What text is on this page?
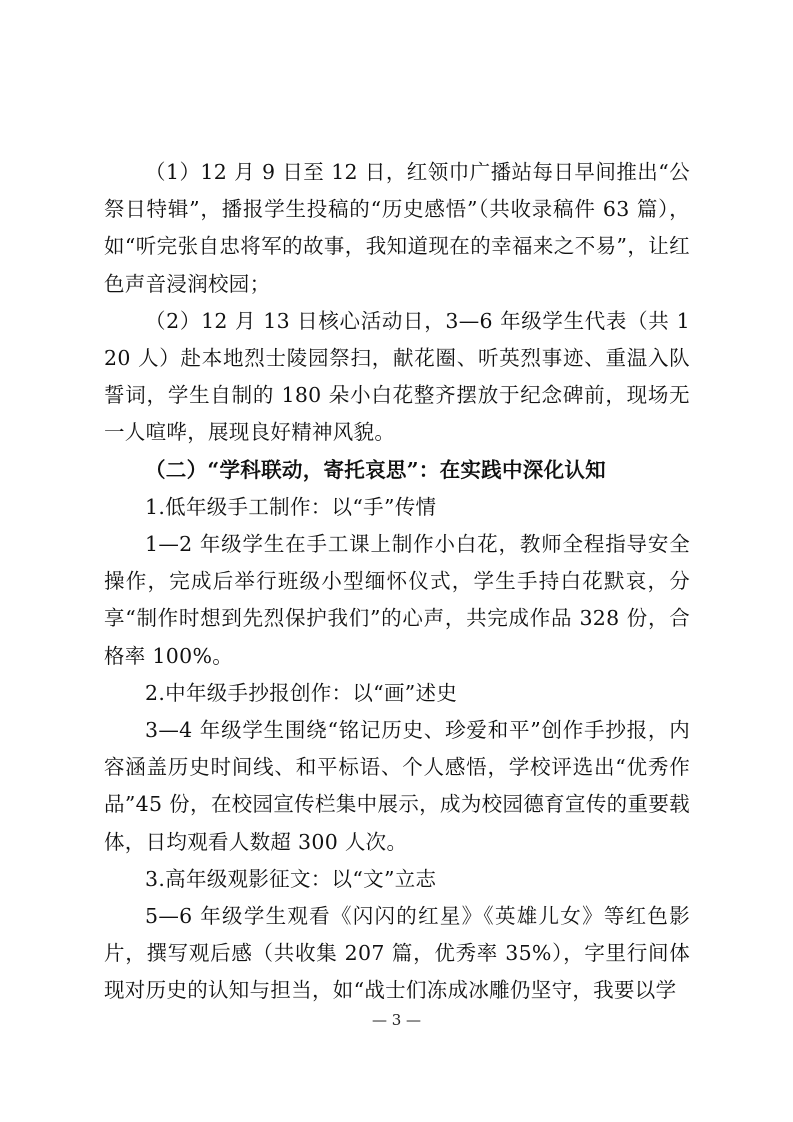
（1）12 月 9 日至 12 日，红领巾广播站每日早间推出“公祭日特辑”，播报学生投稿的“历史感悟”（共收录稿件 63 篇），如“听完张自忠将军的故事，我知道现在的幸福来之不易”，让红色声音浸润校园；

（2）12 月 13 日核心活动日，3—6 年级学生代表（共 120 人）赴本地烈士陵园祭扫，献花圈、听英烈事迹、重温入队誓词，学生自制的 180 朵小白花整齐摆放于纪念碑前，现场无一人喧哗，展现良好精神风貌。

（二）“学科联动，寄托哀思”：在实践中深化认知

1.低年级手工制作：以“手”传情

1—2 年级学生在手工课上制作小白花，教师全程指导安全操作，完成后举行班级小型缅怀仪式，学生手持白花默哀，分享“制作时想到先烈保护我们”的心声，共完成作品 328 份，合格率 100%。

2.中年级手抄报创作：以“画”述史

3—4 年级学生围绕“铭记历史、珍爱和平”创作手抄报，内容涵盖历史时间线、和平标语、个人感悟，学校评选出“优秀作品”45 份，在校园宣传栏集中展示，成为校园德育宣传的重要载体，日均观看人数超 300 人次。

3.高年级观影征文：以“文”立志

5—6 年级学生观看《闪闪的红星》《英雄儿女》等红色影片，撰写观后感（共收集 207 篇，优秀率 35%），字里行间体现对历史的认知与担当，如“战士们冻成冰雕仍坚守，我要以学

— 3 —
